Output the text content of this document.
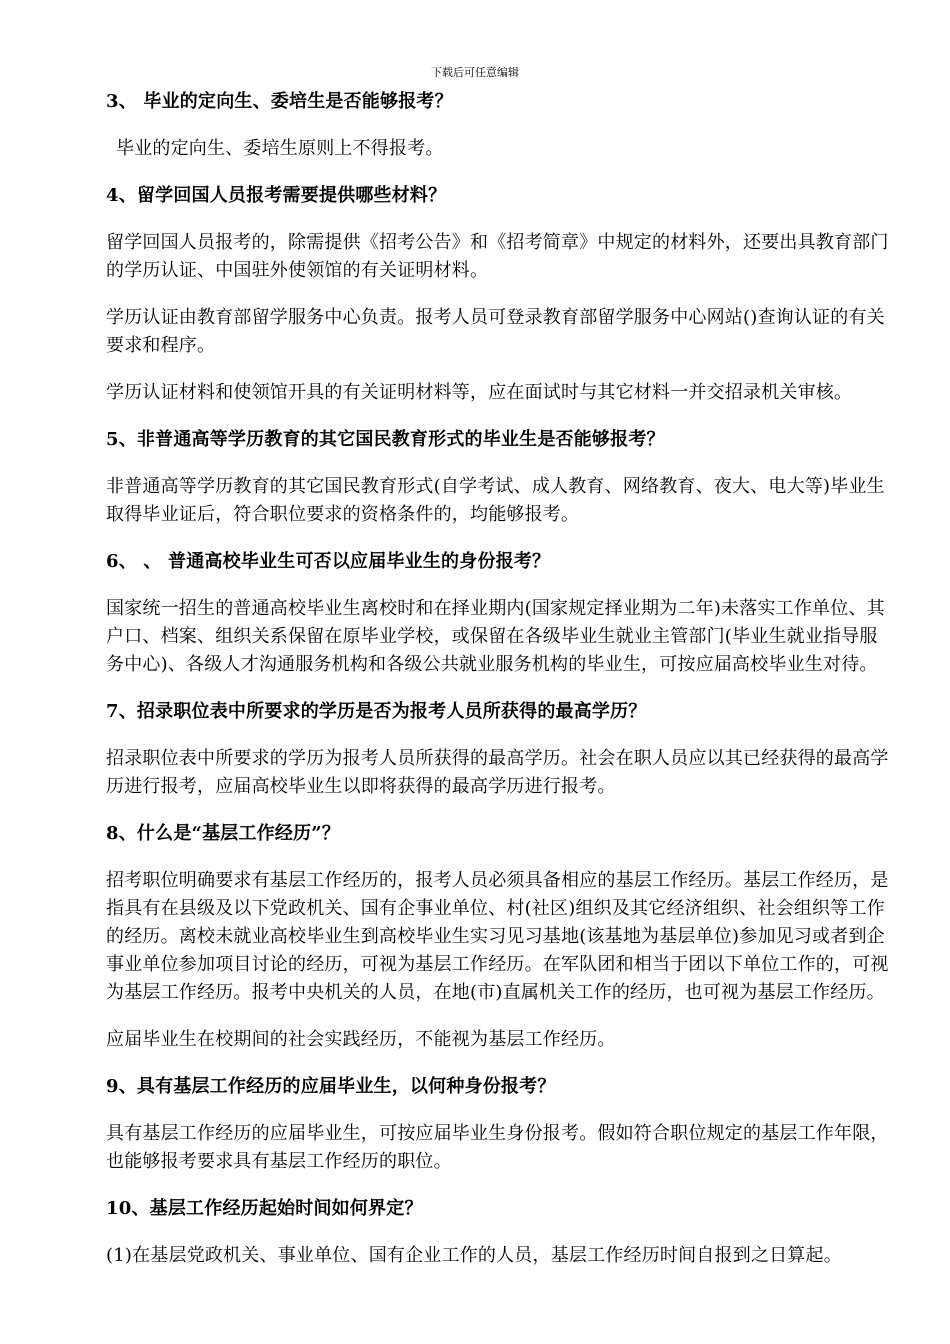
下载后可任意编辑

3、 毕业的定向生、委培生是否能够报考？

毕业的定向生、委培生原则上不得报考。

4、留学回国人员报考需要提供哪些材料？

留学回国人员报考的，除需提供《招考公告》和《招考简章》中规定的材料外，还要出具教育部门的学历认证、中国驻外使领馆的有关证明材料。

学历认证由教育部留学服务中心负责。报考人员可登录教育部留学服务中心网站()查询认证的有关要求和程序。

学历认证材料和使领馆开具的有关证明材料等，应在面试时与其它材料一并交招录机关审核。

5、非普通高等学历教育的其它国民教育形式的毕业生是否能够报考？

非普通高等学历教育的其它国民教育形式(自学考试、成人教育、网络教育、夜大、电大等)毕业生取得毕业证后，符合职位要求的资格条件的，均能够报考。

6、 、 普通高校毕业生可否以应届毕业生的身份报考？

国家统一招生的普通高校毕业生离校时和在择业期内(国家规定择业期为二年)未落实工作单位、其户口、档案、组织关系保留在原毕业学校，或保留在各级毕业生就业主管部门(毕业生就业指导服务中心)、各级人才沟通服务机构和各级公共就业服务机构的毕业生，可按应届高校毕业生对待。

7、招录职位表中所要求的学历是否为报考人员所获得的最高学历？

招录职位表中所要求的学历为报考人员所获得的最高学历。社会在职人员应以其已经获得的最高学历进行报考，应届高校毕业生以即将获得的最高学历进行报考。

8、什么是“基层工作经历”？

招考职位明确要求有基层工作经历的，报考人员必须具备相应的基层工作经历。基层工作经历，是指具有在县级及以下党政机关、国有企事业单位、村(社区)组织及其它经济组织、社会组织等工作的经历。离校未就业高校毕业生到高校毕业生实习见习基地(该基地为基层单位)参加见习或者到企事业单位参加项目讨论的经历，可视为基层工作经历。在军队团和相当于团以下单位工作的，可视为基层工作经历。报考中央机关的人员，在地(市)直属机关工作的经历，也可视为基层工作经历。

应届毕业生在校期间的社会实践经历，不能视为基层工作经历。

9、具有基层工作经历的应届毕业生，以何种身份报考？

具有基层工作经历的应届毕业生，可按应届毕业生身份报考。假如符合职位规定的基层工作年限，也能够报考要求具有基层工作经历的职位。

10、基层工作经历起始时间如何界定？

(1)在基层党政机关、事业单位、国有企业工作的人员，基层工作经历时间自报到之日算起。
